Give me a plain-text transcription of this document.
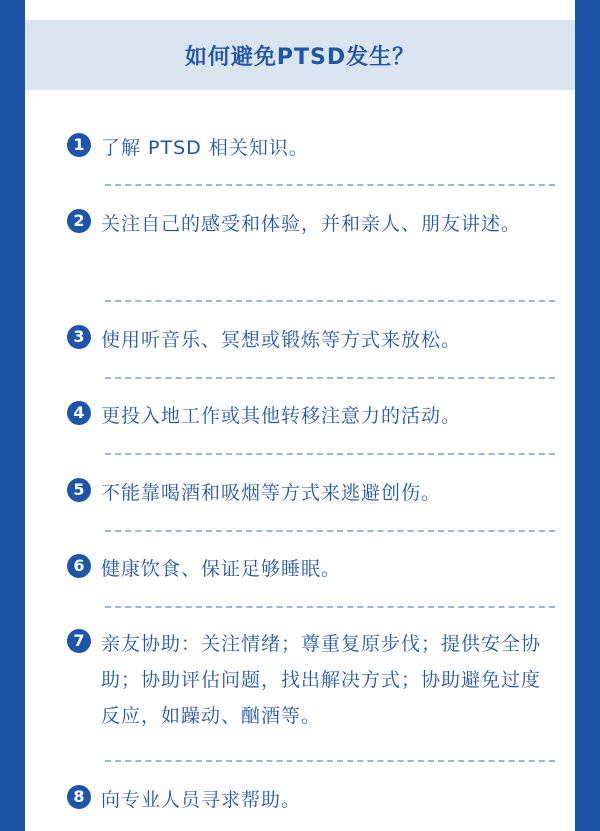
如何避免PTSD发生？
1 了解 PTSD 相关知识。
2 关注自己的感受和体验，并和亲人、朋友讲述。
3 使用听音乐、冥想或锻炼等方式来放松。
4 更投入地工作或其他转移注意力的活动。
5 不能靠喝酒和吸烟等方式来逃避创伤。
6 健康饮食、保证足够睡眠。
7 亲友协助：关注情绪；尊重复原步伐；提供安全协助；协助评估问题，找出解决方式；协助避免过度反应，如躁动、酗酒等。
8 向专业人员寻求帮助。
